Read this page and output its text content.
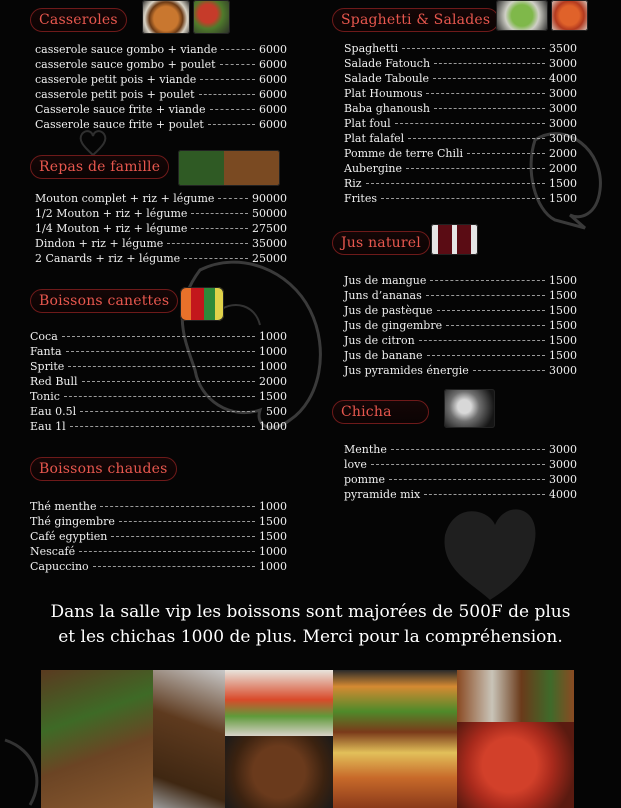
Casseroles
casserole sauce gombo + viande	6000
casserole sauce gombo + poulet	6000
casserole petit pois + viande	6000
casserole petit pois + poulet	6000
Casserole sauce frite + viande	6000
Casserole sauce frite + poulet	6000
Repas de famille
Mouton complet + riz + légume	90000
1/2 Mouton + riz + légume	50000
1/4 Mouton + riz + légume	27500
Dindon + riz + légume	35000
2 Canards + riz + légume	25000
Boissons canettes
Coca	1000
Fanta	1000
Sprite	1000
Red Bull	2000
Tonic	1500
Eau 0.5l	500
Eau 1l	1000
Boissons chaudes
Thé menthe	1000
Thé gingembre	1500
Café egyptien	1500
Nescafé	1000
Capuccino	1000
Spaghetti & Salades
Spaghetti	3500
Salade Fatouch	3000
Salade Taboule	4000
Plat Houmous	3000
Baba ghanoush	3000
Plat foul	3000
Plat falafel	3000
Pomme de terre Chili	2000
Aubergine	2000
Riz	1500
Frites	1500
Jus naturel
Jus de mangue	1500
Juns d’ananas	1500
Jus de pastèque	1500
Jus de gingembre	1500
Jus de citron	1500
Jus de banane	1500
Jus pyramides énergie	3000
Chicha
Menthe	3000
love	3000
pomme	3000
pyramide mix	4000
Dans la salle vip les boissons sont majorées de 500F de plus
et les chichas 1000 de plus. Merci pour la compréhension.
